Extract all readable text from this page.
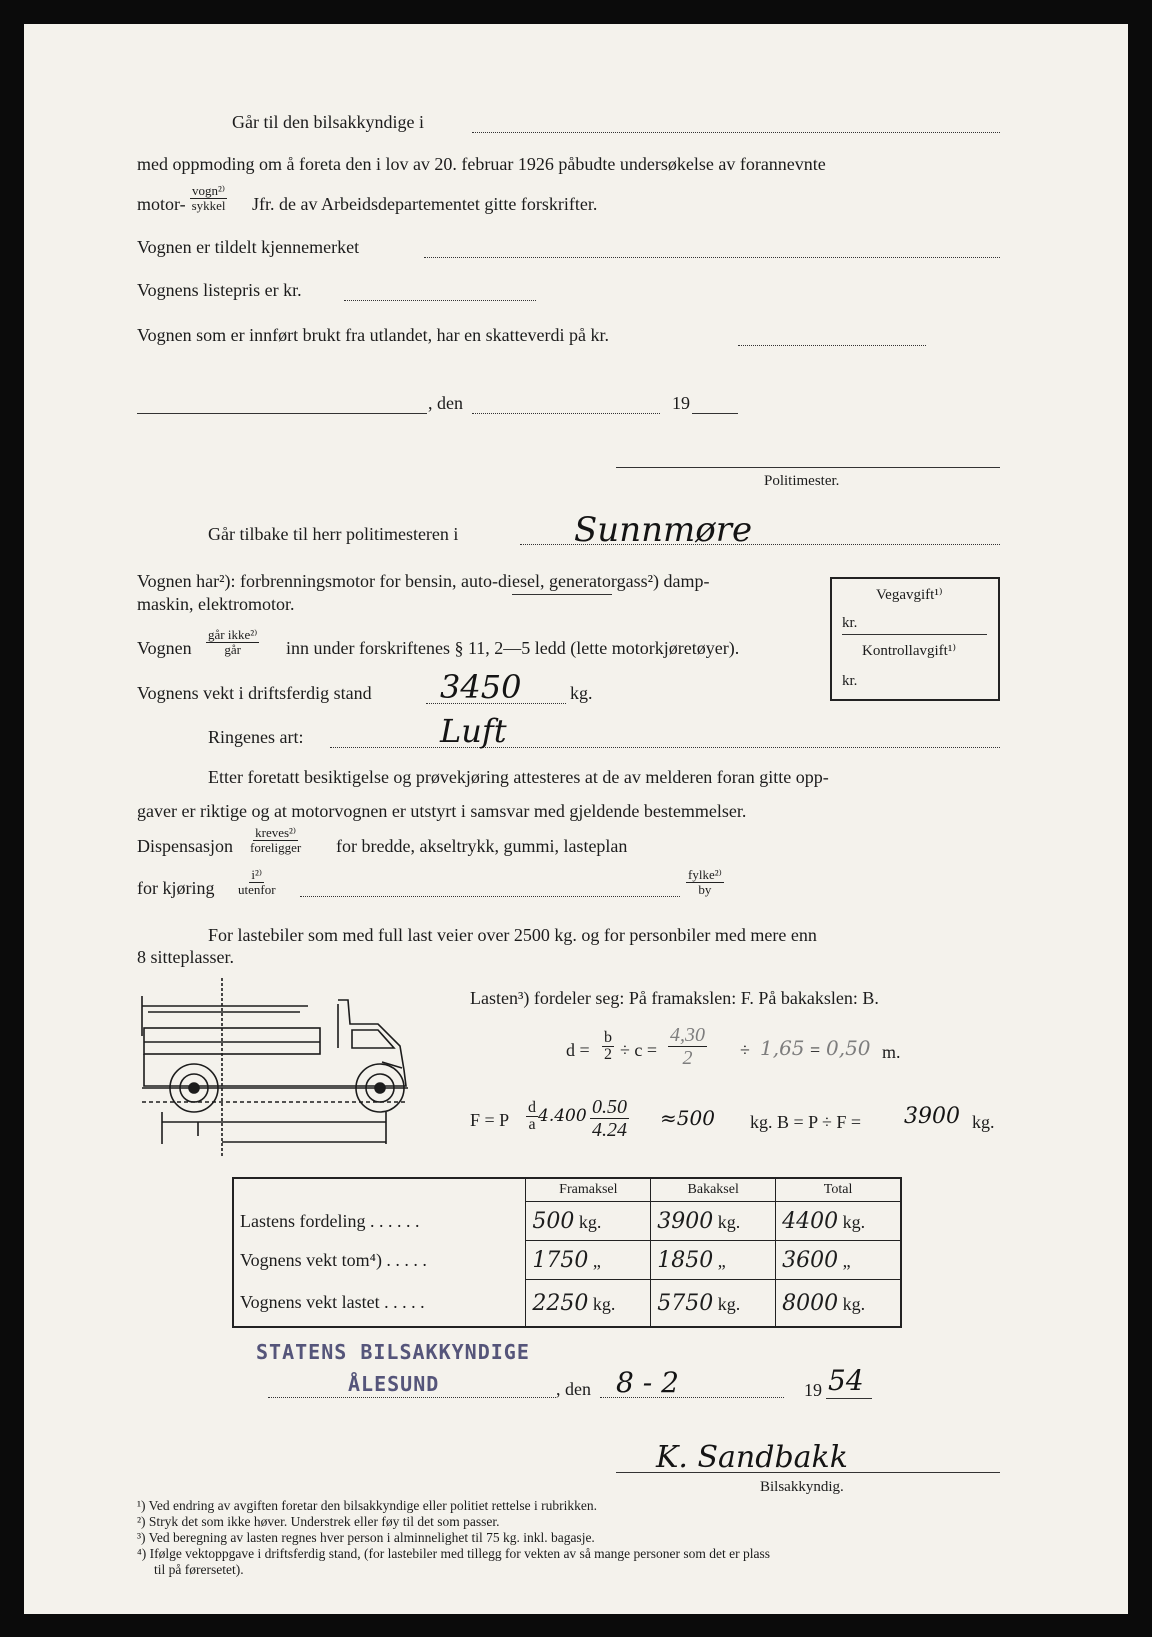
Går til den bilsakkyndige i
med oppmoding om å foreta den i lov av 20. februar 1926 påbudte undersøkelse av forannevnte
motor-
vogn²⁾
sykkel Jfr. de av Arbeidsdepartementet gitte forskrifter.
Vognen er tildelt kjennemerket
Vognens listepris er kr.
Vognen som er innført brukt fra utlandet, har en skatteverdi på kr.
, den	19
Politimester.
Går tilbake til herr politimesteren i	Sunnmøre
Vognen har²): forbrenningsmotor for bensin, auto-diesel, generatorgass²) damp-
maskin, elektromotor.
Vognen
går ikke²⁾
går	inn under forskriftenes § 11, 2—5 ledd (lette motorkjøretøyer).
Vognens vekt i driftsferdig stand 3450	kg.
Ringenes art:	Luft
Etter foretatt besiktigelse og prøvekjøring attesteres at de av melderen foran gitte opp-
gaver er riktige og at motorvognen er utstyrt i samsvar med gjeldende bestemmelser.
Dispensasjon
kreves²⁾
foreligger for bredde, akseltrykk, gummi, lasteplan
for kjøring
i²⁾
utenfor
fylke²⁾
by
For lastebiler som med full last veier over 2500 kg. og for personbiler med mere enn
8 sitteplasser.
Vegavgift¹⁾
kr.
Kontrollavgift¹⁾
kr.
Lasten³) fordeler seg: På framakslen: F. På bakakslen: B.
$d = \frac{b}{2} \div c = \frac{4,30}{2} \div 1,65 = 0,50$ m.
F = P $\frac{d}{a} 4.400 \frac{0.50}{4.24} \approx 500$ kg. B = P ÷ F = 3900 kg.
	Framaksel	Bakaksel	Total
Lastens fordeling . . . . . .	500 kg.	3900 kg.	4400 kg.
Vognens vekt tom⁴) . . . . .	1750 „	1850 „	3600 „
Vognens vekt lastet . . . . .	2250 kg.	5750 kg.	8000 kg.
STATENS BILSAKKYNDIGE
ÅLESUND	, den 8 - 2	19 54
K. Sandbakk
Bilsakkyndig.
¹) Ved endring av avgiften foretar den bilsakkyndige eller politiet rettelse i rubrikken.
²) Stryk det som ikke høver. Understrek eller føy til det som passer.
³) Ved beregning av lasten regnes hver person i alminnelighet til 75 kg. inkl. bagasje.
⁴) Ifølge vektoppgave i driftsferdig stand, (for lastebiler med tillegg for vekten av så mange personer som det er plass
til på førersetet).
